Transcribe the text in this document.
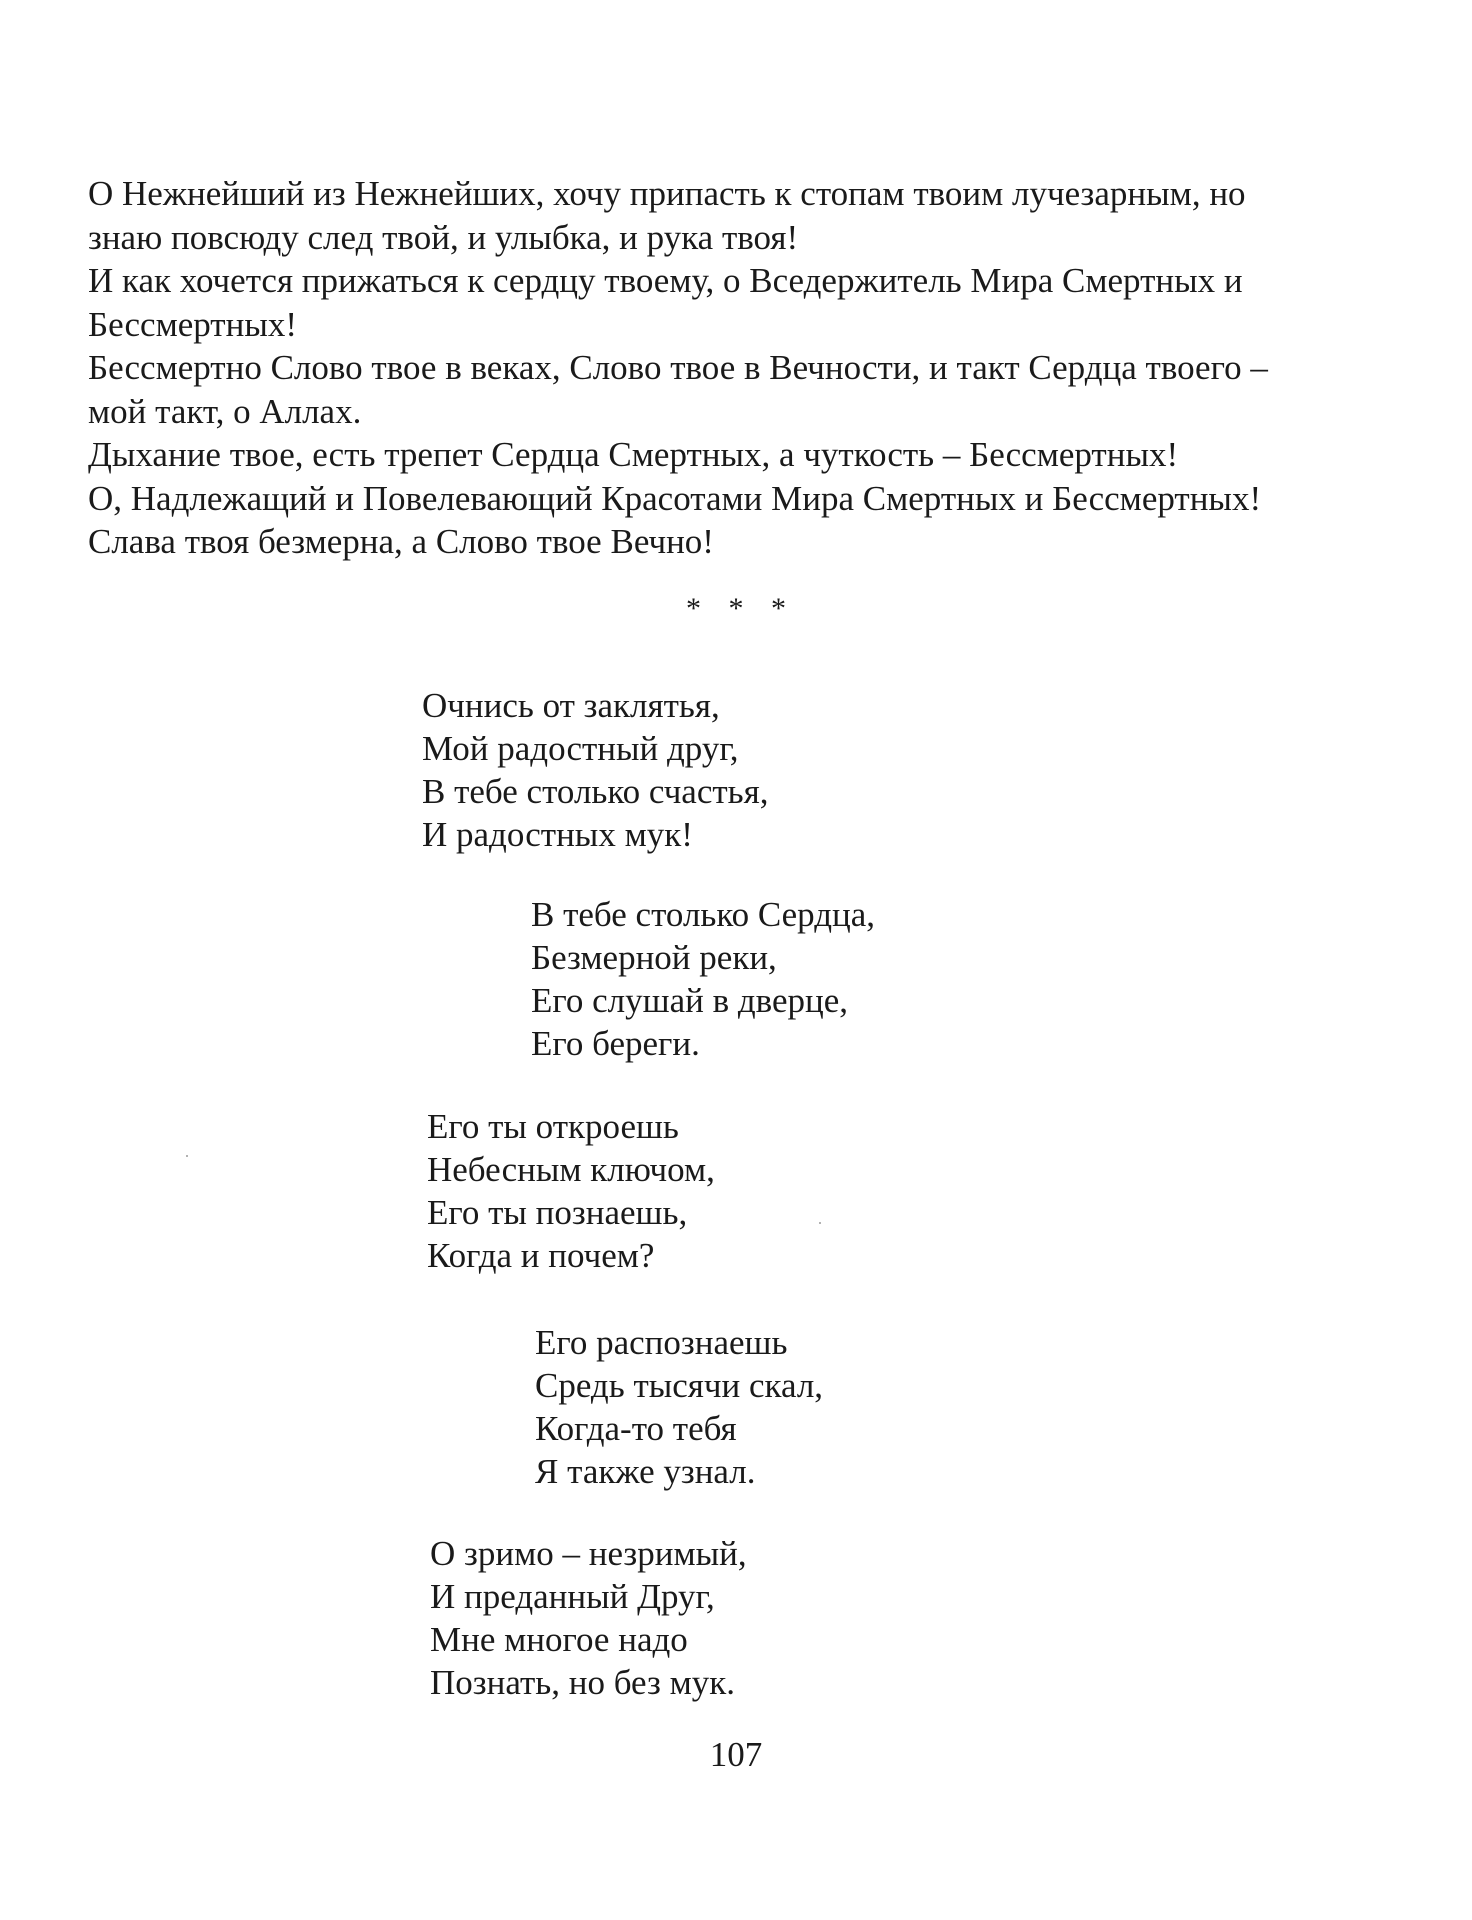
О Нежнейший из Нежнейших, хочу припасть к стопам твоим лучезарным, но
знаю повсюду след твой, и улыбка, и рука твоя!
И как хочется прижаться к сердцу твоему, о Вседержитель Мира Смертных и
Бессмертных!
Бессмертно Слово твое в веках, Слово твое в Вечности, и такт Сердца твоего –
мой такт, о Аллах.
Дыхание твое, есть трепет Сердца Смертных, а чуткость – Бессмертных!
О, Надлежащий и Повелевающий Красотами Мира Смертных и Бессмертных!
Слава твоя безмерна, а Слово твое Вечно!
* * *
Очнись от заклятья,
Мой радостный друг,
В тебе столько счастья,
И радостных мук!
В тебе столько Сердца,
Безмерной реки,
Его слушай в дверце,
Его береги.
Его ты откроешь
Небесным ключом,
Его ты познаешь,
Когда и почем?
Его распознаешь
Средь тысячи скал,
Когда-то тебя
Я также узнал.
О зримо – незримый,
И преданный Друг,
Мне многое надо
Познать, но без мук.
107
